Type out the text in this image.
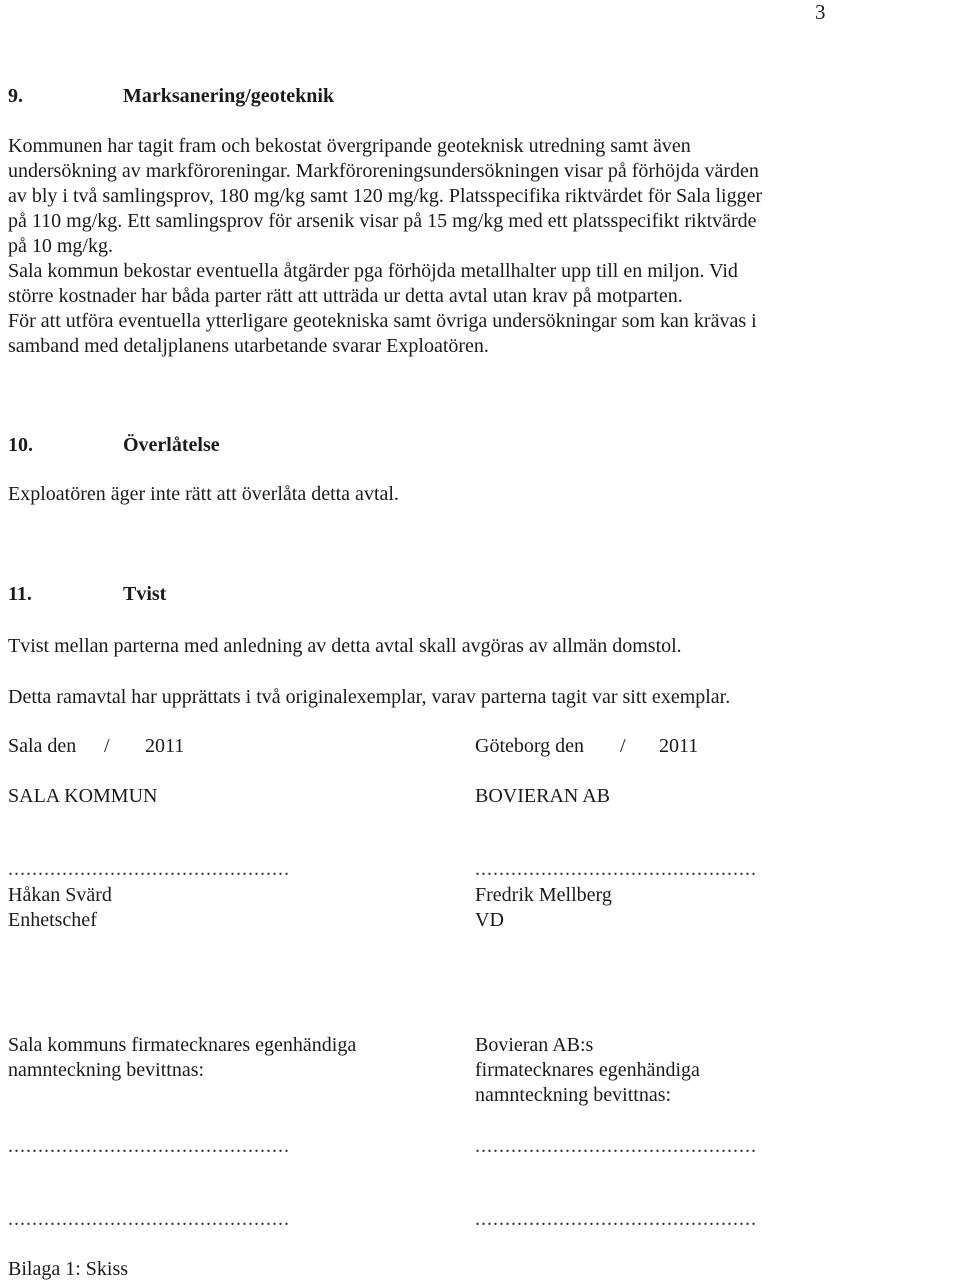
3
9.	Marksanering/geoteknik
Kommunen har tagit fram och bekostat övergripande geoteknisk utredning samt även
undersökning av markföroreningar. Markföroreningsundersökningen visar på förhöjda värden
av bly i två samlingsprov, 180 mg/kg samt 120 mg/kg. Platsspecifika riktvärdet för Sala ligger
på 110 mg/kg. Ett samlingsprov för arsenik visar på 15 mg/kg med ett platsspecifikt riktvärde
på 10 mg/kg.
Sala kommun bekostar eventuella åtgärder pga förhöjda metallhalter upp till en miljon. Vid
större kostnader har båda parter rätt att utträda ur detta avtal utan krav på motparten.
För att utföra eventuella ytterligare geotekniska samt övriga undersökningar som kan krävas i
samband med detaljplanens utarbetande svarar Exploatören.
10.	Överlåtelse
Exploatören äger inte rätt att överlåta detta avtal.
11.	Tvist
Tvist mellan parterna med anledning av detta avtal skall avgöras av allmän domstol.
Detta ramavtal har upprättats i två originalexemplar, varav parterna tagit var sitt exemplar.
Sala den / 2011
SALA KOMMUN
...............................................
Håkan Svärd
Enhetschef
Sala kommuns firmatecknares egenhändiga
namnteckning bevittnas:
...............................................
...............................................
Göteborg den / 2011
BOVIERAN AB
...............................................
Fredrik Mellberg
VD
Bovieran AB:s
firmatecknares egenhändiga
namnteckning bevittnas:
...............................................
...............................................
Bilaga 1: Skiss
